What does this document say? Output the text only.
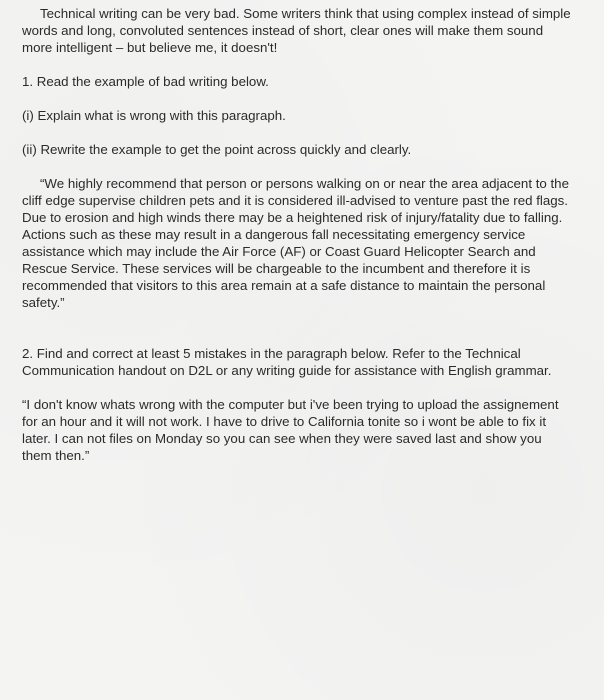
Technical writing can be very bad. Some writers think that using complex instead of simple words and long, convoluted sentences instead of short, clear ones will make them sound more intelligent – but believe me, it doesn't!

1. Read the example of bad writing below.

(i) Explain what is wrong with this paragraph.

(ii) Rewrite the example to get the point across quickly and clearly.

“We highly recommend that person or persons walking on or near the area adjacent to the cliff edge supervise children pets and it is considered ill-advised to venture past the red flags. Due to erosion and high winds there may be a heightened risk of injury/fatality due to falling. Actions such as these may result in a dangerous fall necessitating emergency service assistance which may include the Air Force (AF) or Coast Guard Helicopter Search and Rescue Service. These services will be chargeable to the incumbent and therefore it is recommended that visitors to this area remain at a safe distance to maintain the personal safety.”

2. Find and correct at least 5 mistakes in the paragraph below. Refer to the Technical Communication handout on D2L or any writing guide for assistance with English grammar.

“I don't know whats wrong with the computer but i've been trying to upload the assignement for an hour and it will not work. I have to drive to California tonite so i wont be able to fix it later. I can not files on Monday so you can see when they were saved last and show you them then.”
